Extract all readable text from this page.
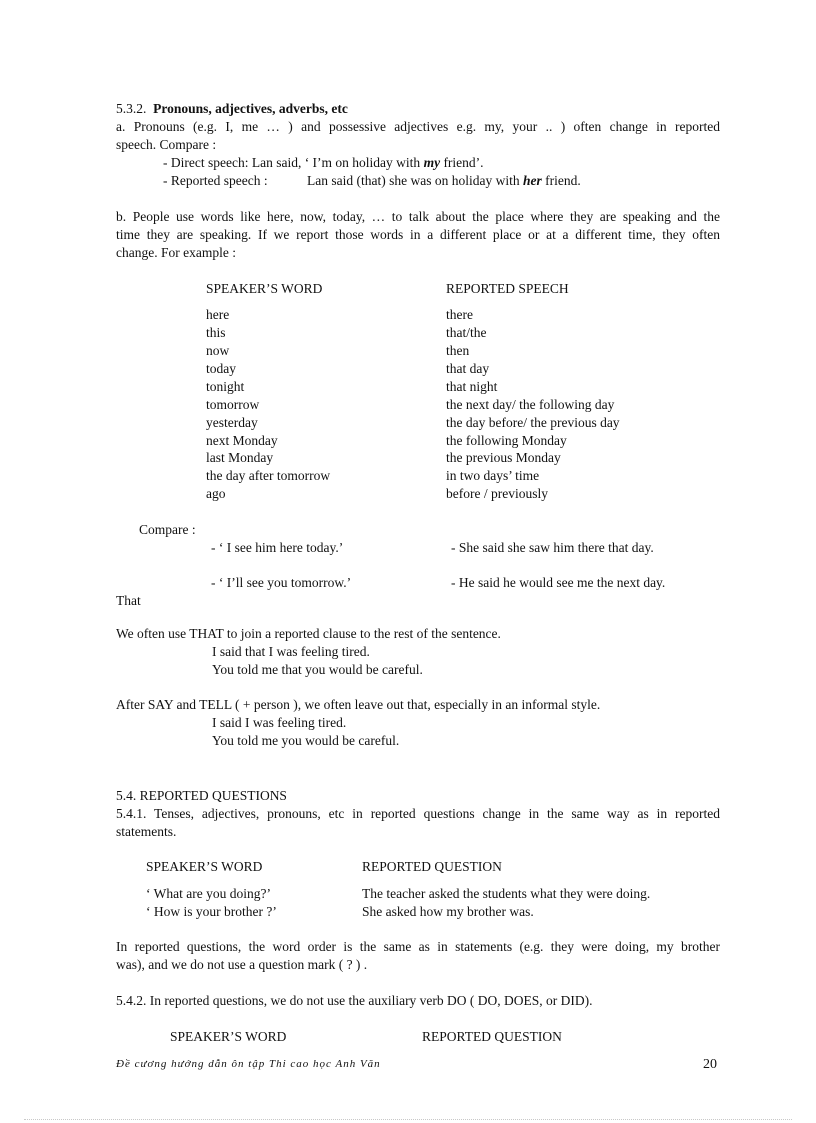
5.3.2. Pronouns, adjectives, adverbs, etc
a. Pronouns (e.g. I, me … ) and possessive adjectives e.g. my, your .. ) often change in reported
speech. Compare :
- Direct speech: Lan said, ‘ I’m on holiday with my friend’.
- Reported speech :	Lan said (that) she was on holiday with her friend.
b. People use words like here, now, today, … to talk about the place where they are speaking and the
time they are speaking. If we report those words in a different place or at a different time, they often
change. For example :
SPEAKER’S WORD	REPORTED SPEECH
here	there
this	that/the
now	then
today	that day
tonight	that night
tomorrow	the next day/ the following day
yesterday	the day before/ the previous day
next Monday	the following Monday
last Monday	the previous Monday
the day after tomorrow	in two days’ time
ago	before / previously
Compare :
- ‘ I see him here today.’	- She said she saw him there that day.
- ‘ I’ll see you tomorrow.’	- He said he would see me the next day.
That
We often use THAT to join a reported clause to the rest of the sentence.
I said that I was feeling tired.
You told me that you would be careful.
After SAY and TELL ( + person ), we often leave out that, especially in an informal style.
I said I was feeling tired.
You told me you would be careful.
5.4. REPORTED QUESTIONS
5.4.1. Tenses, adjectives, pronouns, etc in reported questions change in the same way as in reported
statements.
SPEAKER’S WORD	REPORTED QUESTION
‘ What are you doing?’	The teacher asked the students what they were doing.
‘ How is your brother ?’	She asked how my brother was.
In reported questions, the word order is the same as in statements (e.g. they were doing, my brother
was), and we do not use a question mark ( ? ) .
5.4.2. In reported questions, we do not use the auxiliary verb DO ( DO, DOES, or DID).
SPEAKER’S WORD	REPORTED QUESTION
Đề cương hướng dẫn ôn tập Thi cao học Anh Văn	20
